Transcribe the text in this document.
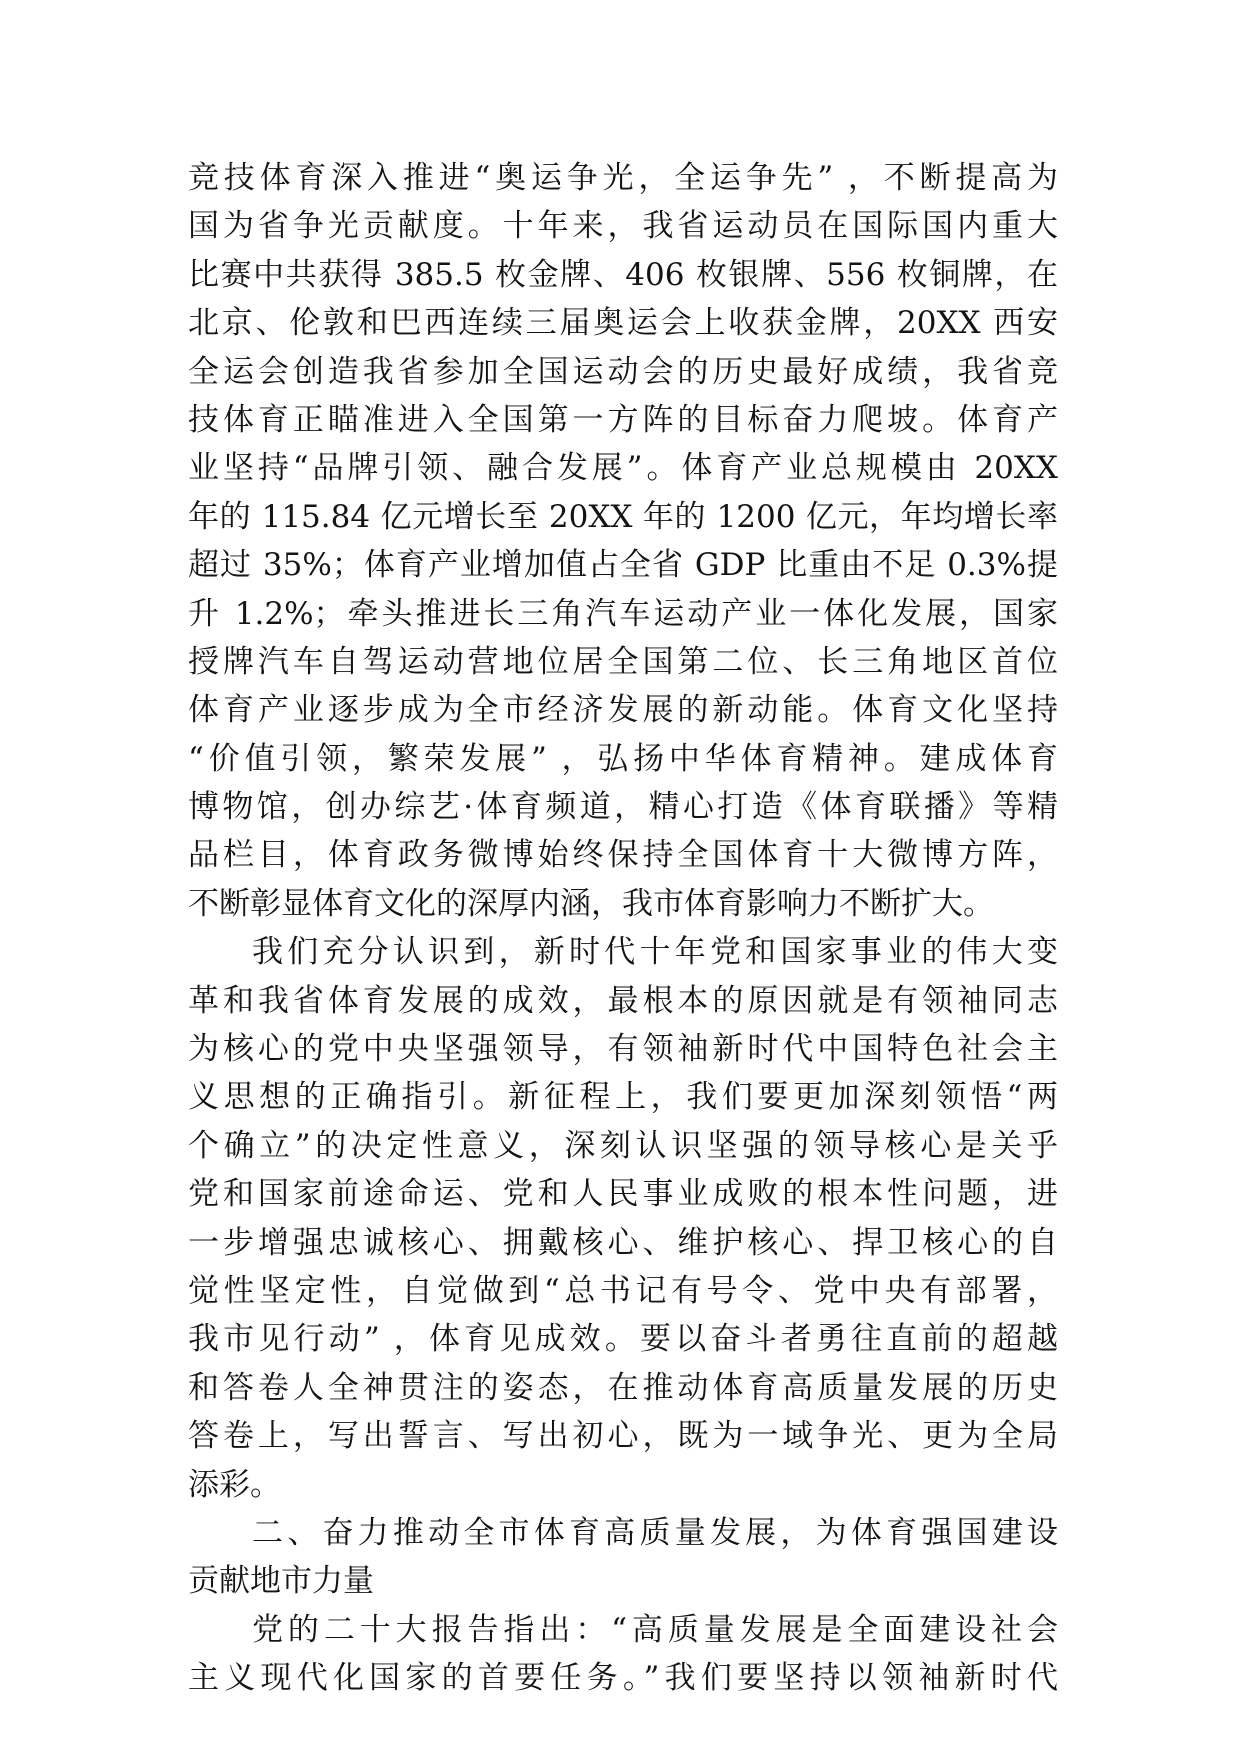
竞技体育深入推进“奥运争光，全运争先” ，不断提高为
国为省争光贡献度。十年来，我省运动员在国际国内重大
比赛中共获得 385.5 枚金牌、406 枚银牌、556 枚铜牌，在
北京、伦敦和巴西连续三届奥运会上收获金牌，20XX 西安
全运会创造我省参加全国运动会的历史最好成绩，我省竞
技体育正瞄准进入全国第一方阵的目标奋力爬坡。体育产
业坚持“品牌引领、融合发展”。体育产业总规模由 20XX
年的 115.84 亿元增长至 20XX 年的 1200 亿元，年均增长率
超过 35%；体育产业增加值占全省 GDP 比重由不足 0.3%提
升 1.2%；牵头推进长三角汽车运动产业一体化发展，国家
授牌汽车自驾运动营地位居全国第二位、长三角地区首位
体育产业逐步成为全市经济发展的新动能。体育文化坚持
“价值引领，繁荣发展” ，弘扬中华体育精神。建成体育
博物馆，创办综艺·体育频道，精心打造《体育联播》等精
品栏目，体育政务微博始终保持全国体育十大微博方阵，
不断彰显体育文化的深厚内涵，我市体育影响力不断扩大。
我们充分认识到，新时代十年党和国家事业的伟大变
革和我省体育发展的成效，最根本的原因就是有领袖同志
为核心的党中央坚强领导，有领袖新时代中国特色社会主
义思想的正确指引。新征程上，我们要更加深刻领悟“两
个确立”的决定性意义，深刻认识坚强的领导核心是关乎
党和国家前途命运、党和人民事业成败的根本性问题，进
一步增强忠诚核心、拥戴核心、维护核心、捍卫核心的自
觉性坚定性，自觉做到“总书记有号令、党中央有部署，
我市见行动” ，体育见成效。要以奋斗者勇往直前的超越
和答卷人全神贯注的姿态，在推动体育高质量发展的历史
答卷上，写出誓言、写出初心，既为一域争光、更为全局
添彩。
二、奋力推动全市体育高质量发展，为体育强国建设
贡献地市力量
党的二十大报告指出：“高质量发展是全面建设社会
主义现代化国家的首要任务。”我们要坚持以领袖新时代
